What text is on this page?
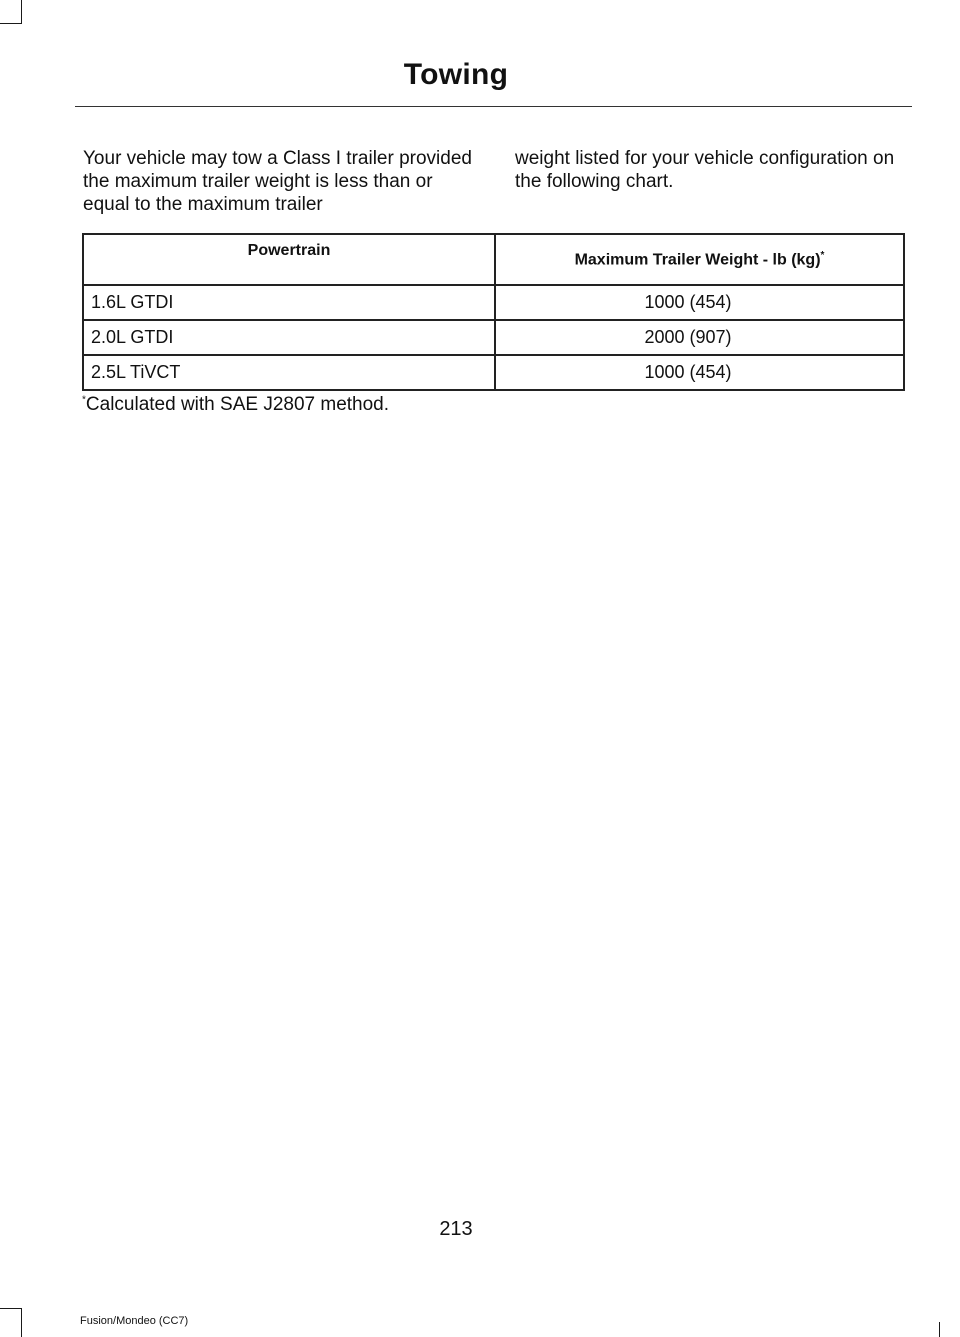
Towing
Your vehicle may tow a Class I trailer provided the maximum trailer weight is less than or equal to the maximum trailer
weight listed for your vehicle configuration on the following chart.
Powertrain	Maximum Trailer Weight - lb (kg)*
1.6L GTDI	1000 (454)
2.0L GTDI	2000 (907)
2.5L TiVCT	1000 (454)
*Calculated with SAE J2807 method.
213
Fusion/Mondeo (CC7)
